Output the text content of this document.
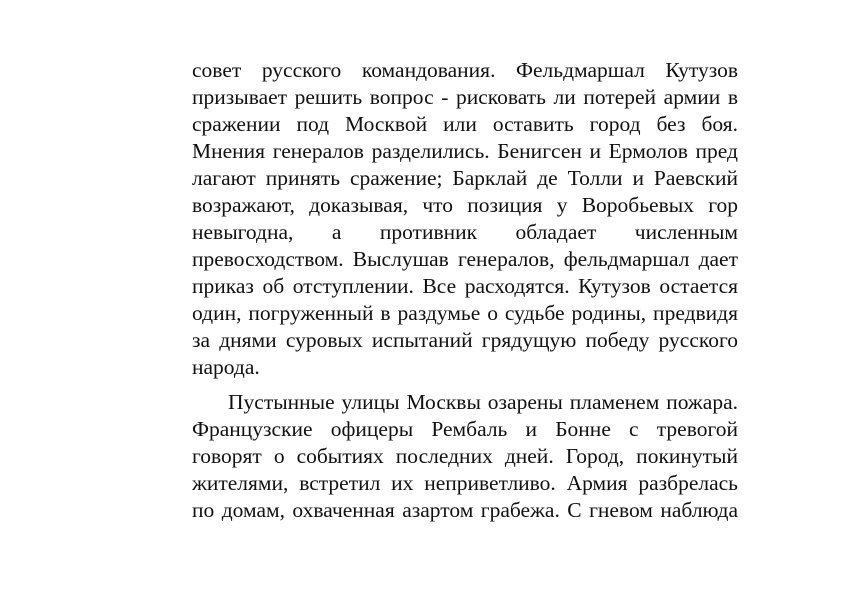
совет русского командования. Фельдмаршал Кутузов
призывает решить вопрос - рисковать ли потерей армии в
сражении под Москвой или оставить город без боя.
Мнения генералов разделились. Бенигсен и Ермолов пред
лагают принять сражение; Барклай де Толли и Раевский
возражают, доказывая, что позиция у Воробьевых гор
невыгодна, а противник обладает численным
превосходством. Выслушав генералов, фельдмаршал дает
приказ об отступлении. Все расходятся. Кутузов остается
один, погруженный в раздумье о судьбе родины, предвидя
за днями суровых испытаний грядущую победу русского
народа.
Пустынные улицы Москвы озарены пламенем пожара.
Французские офицеры Рембаль и Бонне с тревогой
говорят о событиях последних дней. Город, покинутый
жителями, встретил их неприветливо. Армия разбрелась
по домам, охваченная азартом грабежа. С гневом наблюда
